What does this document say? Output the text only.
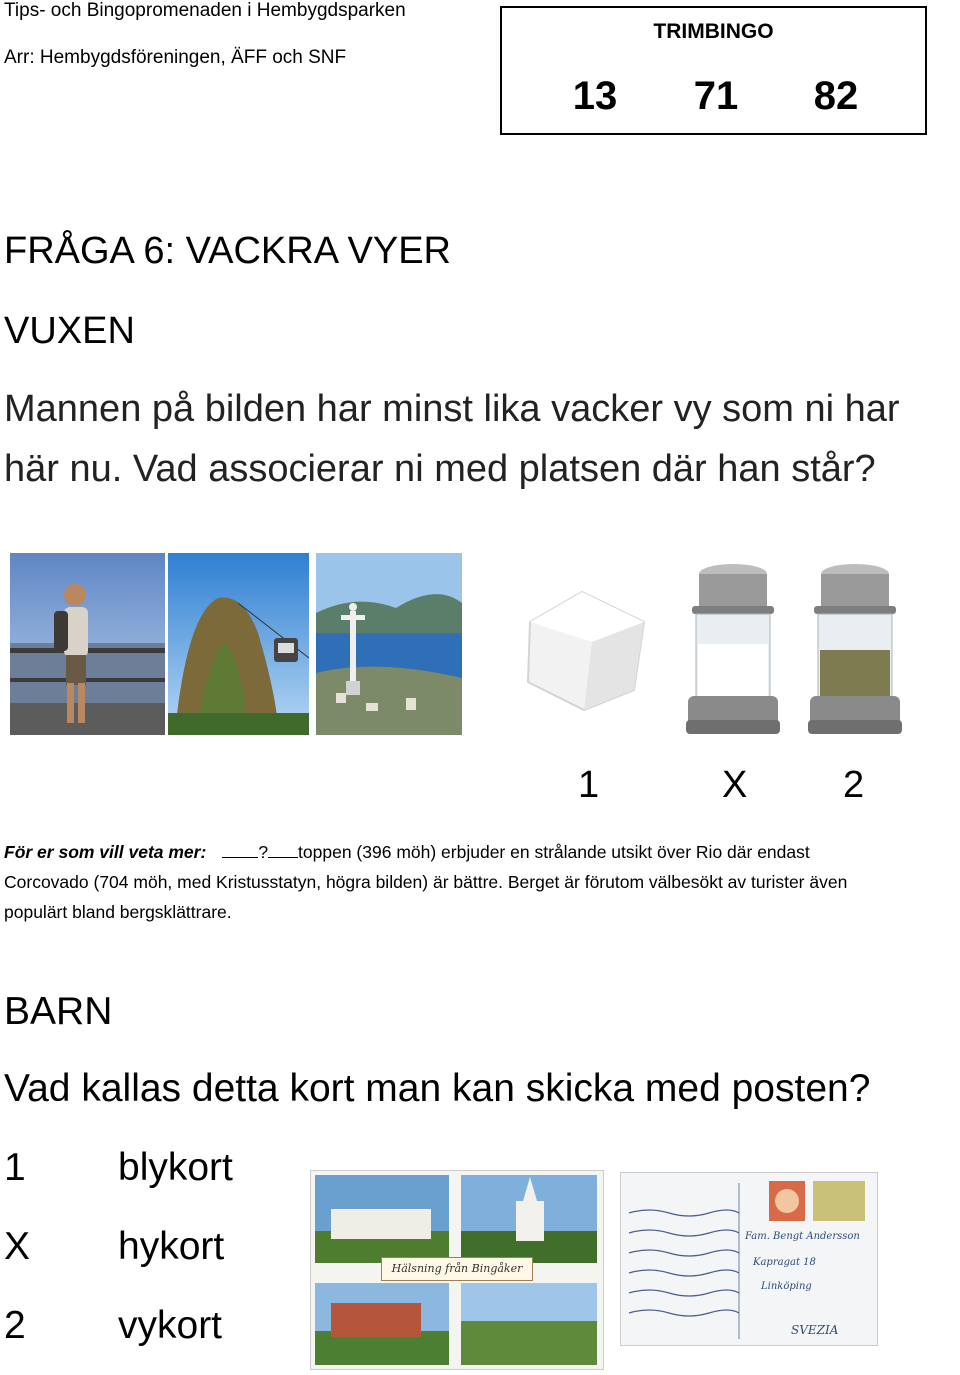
Tips- och Bingopromenaden i Hembygdsparken
Arr: Hembygdsföreningen, ÄFF och SNF
TRIMBINGO
13	71	82
FRÅGA 6: VACKRA VYER
VUXEN
Mannen på bilden har minst lika vacker vy som ni har
här nu. Vad associerar ni med platsen där han står?
1	X	2
För er som vill veta mer:	? toppen (396 möh) erbjuder en strålande utsikt över Rio där endast
Corcovado (704 möh, med Kristusstatyn, högra bilden) är bättre. Berget är förutom välbesökt av turister även
populärt bland bergsklättrare.
BARN
Vad kallas detta kort man kan skicka med posten?
1 blykort
X hykort
2 vykort
Hälsning från Bingåker
Fam. Bengt Andersson
Kapragat 18
Linköping
SVEZIA
